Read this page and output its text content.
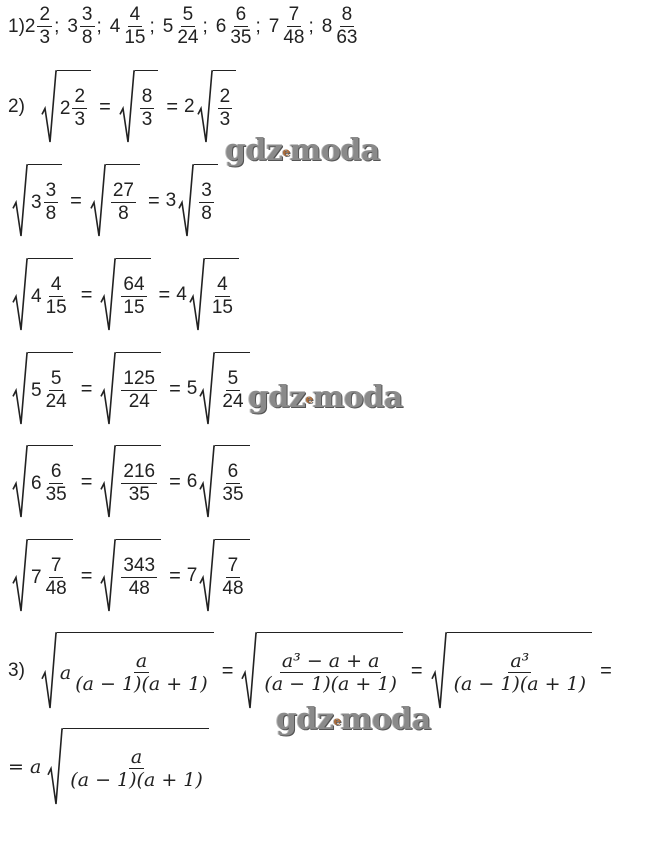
1) $2 \frac{2}{3}$ ; $3 \frac{3}{8}$ ; $4 \frac{4}{15}$ ; $5 \frac{5}{24}$ ; $6 \frac{6}{35}$ ; $7 \frac{7}{48}$ ; $8 \frac{8}{63}$
2) $2 \frac{2}{3} = \frac{8}{3} = 2 \frac{2}{3}$
$3 \frac{3}{8} = \frac{27}{8} = 3 \frac{3}{8}$
$4 \frac{4}{15} = \frac{64}{15} = 4 \frac{4}{15}$
$5 \frac{5}{24} = \frac{125}{24} = 5 \frac{5}{24}$
$6 \frac{6}{35} = \frac{216}{35} = 6 \frac{6}{35}$
$7 \frac{7}{48} = \frac{343}{48} = 7 \frac{7}{48}$
3) a $\frac{a}{(a - 1)(a + 1)} = \frac{\text{a³ − a + a}}{(a - 1)(a + 1)} = \frac{\text{a³}}{(a - 1)(a + 1)}$ =
= a $\frac{a}{(a - 1)(a + 1)}$
gdzemoda
gdzemoda
gdzemoda
